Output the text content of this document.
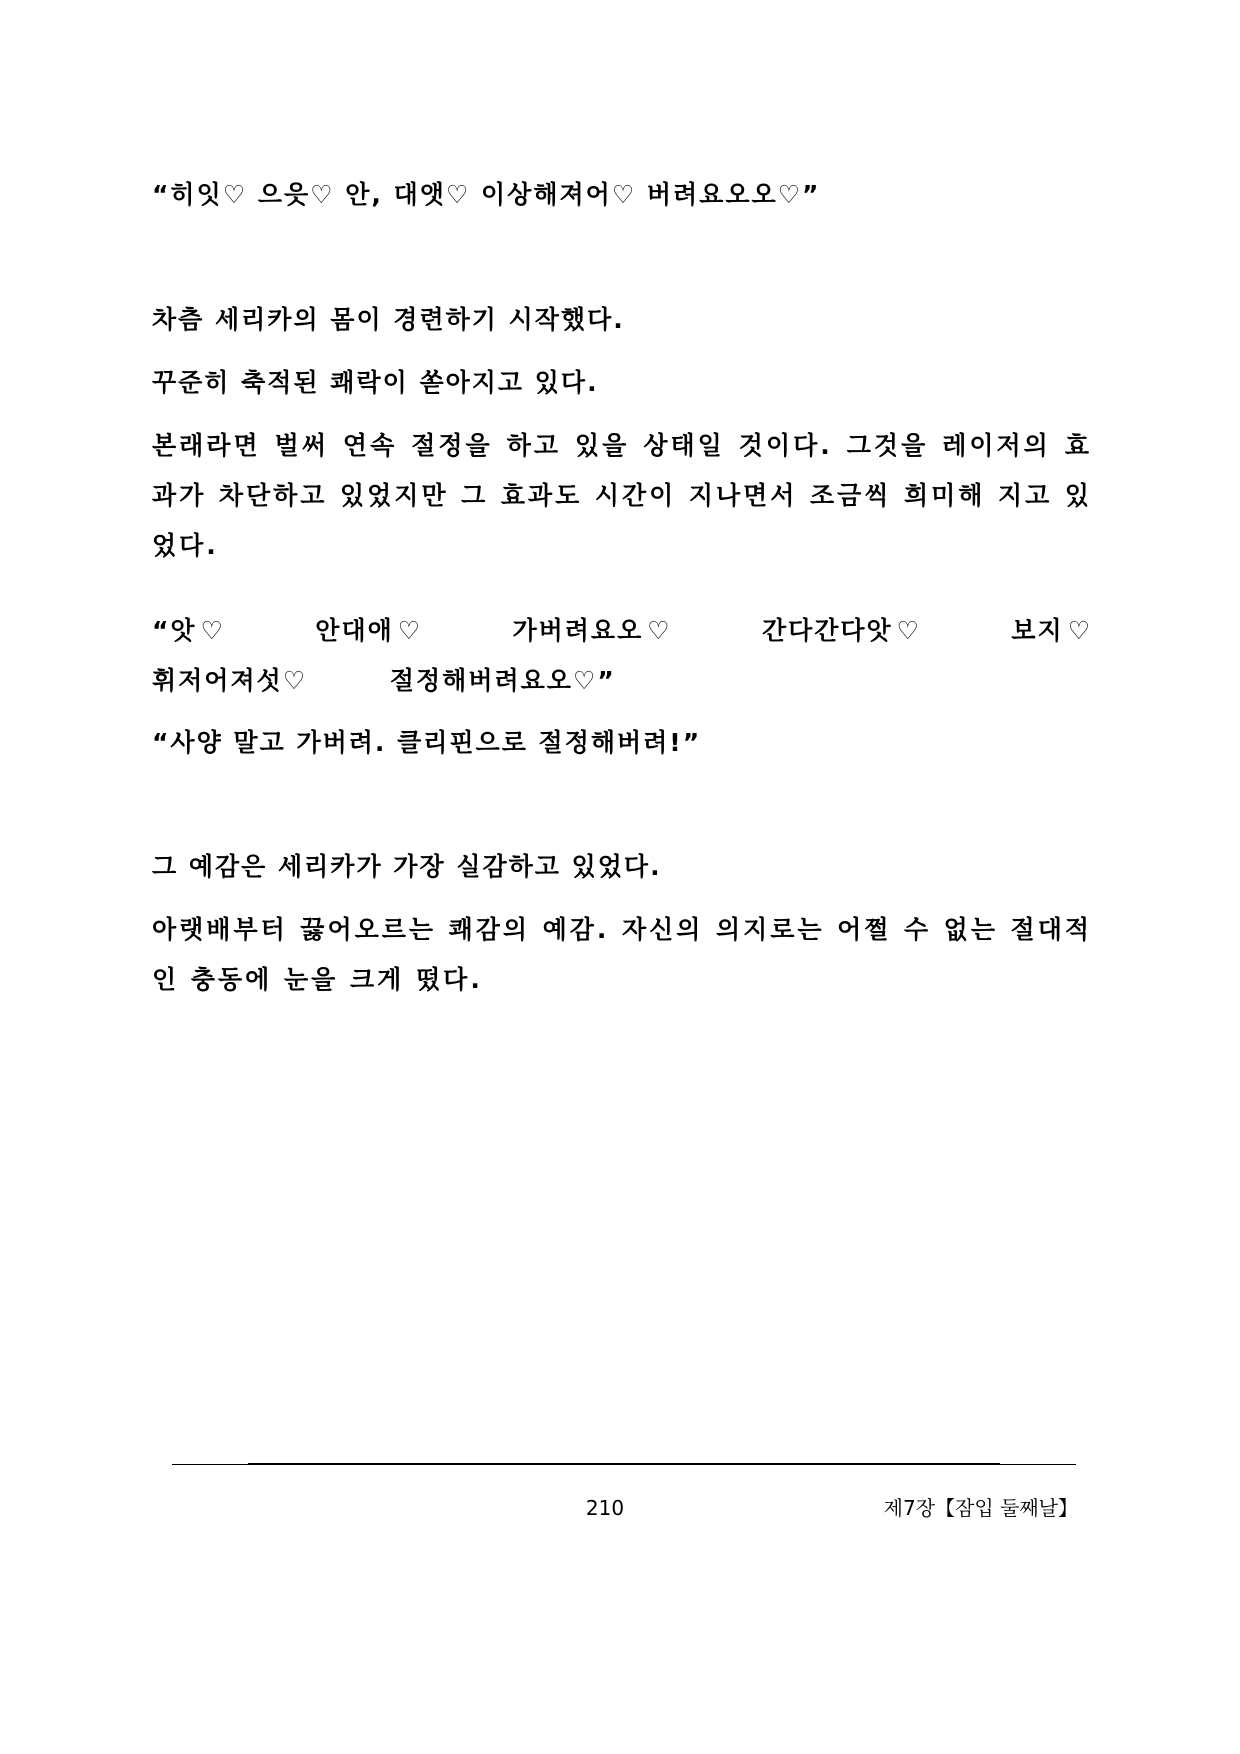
“히잇♡ 으읏♡ 안, 대앳♡ 이상해져어♡ 버려요오오♡”

차츰 세리카의 몸이 경련하기 시작했다.

꾸준히 축적된 쾌락이 쏟아지고 있다.

본래라면 벌써 연속 절정을 하고 있을 상태일 것이다. 그것을 레이저의 효과가 차단하고 있었지만 그 효과도 시간이 지나면서 조금씩 희미해 지고 있었다.

“앗♡ 안대애♡ 가버려요오♡ 간다간다앗♡ 보지♡ 휘저어져섯♡ 절정해버려요오♡”

“사양 말고 가버려. 클리핀으로 절정해버려!”

그 예감은 세리카가 가장 실감하고 있었다.

아랫배부터 끓어오르는 쾌감의 예감. 자신의 의지로는 어쩔 수 없는 절대적인 충동에 눈을 크게 떴다.

210	제7장【잠입 둘째날】
